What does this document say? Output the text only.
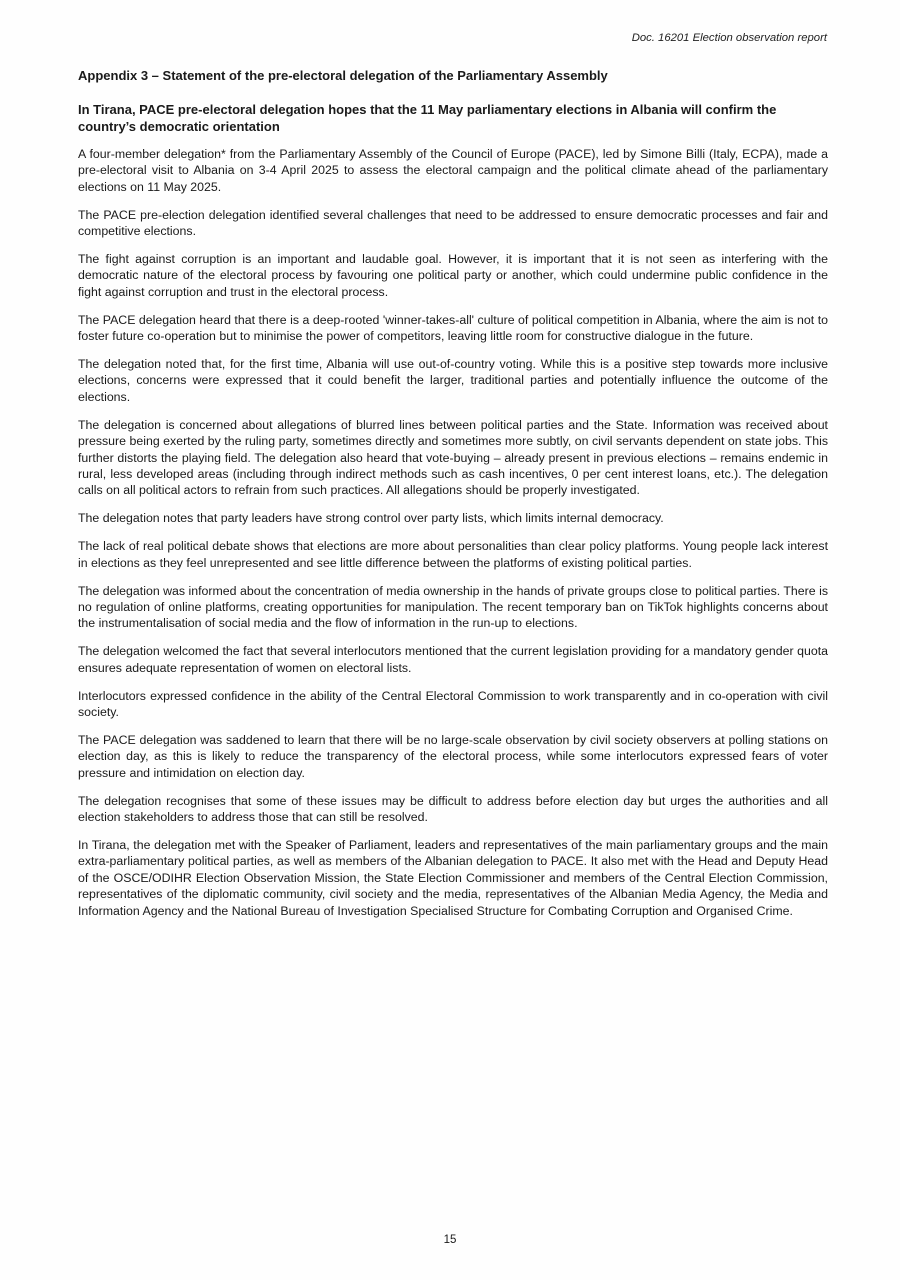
Doc. 16201 Election observation report

Appendix 3 – Statement of the pre-electoral delegation of the Parliamentary Assembly

In Tirana, PACE pre-electoral delegation hopes that the 11 May parliamentary elections in Albania will confirm the country’s democratic orientation

A four-member delegation* from the Parliamentary Assembly of the Council of Europe (PACE), led by Simone Billi (Italy, ECPA), made a pre-electoral visit to Albania on 3-4 April 2025 to assess the electoral campaign and the political climate ahead of the parliamentary elections on 11 May 2025.

The PACE pre-election delegation identified several challenges that need to be addressed to ensure democratic processes and fair and competitive elections.

The fight against corruption is an important and laudable goal. However, it is important that it is not seen as interfering with the democratic nature of the electoral process by favouring one political party or another, which could undermine public confidence in the fight against corruption and trust in the electoral process.

The PACE delegation heard that there is a deep-rooted 'winner-takes-all' culture of political competition in Albania, where the aim is not to foster future co-operation but to minimise the power of competitors, leaving little room for constructive dialogue in the future.

The delegation noted that, for the first time, Albania will use out-of-country voting. While this is a positive step towards more inclusive elections, concerns were expressed that it could benefit the larger, traditional parties and potentially influence the outcome of the elections.

The delegation is concerned about allegations of blurred lines between political parties and the State. Information was received about pressure being exerted by the ruling party, sometimes directly and sometimes more subtly, on civil servants dependent on state jobs. This further distorts the playing field. The delegation also heard that vote-buying – already present in previous elections – remains endemic in rural, less developed areas (including through indirect methods such as cash incentives, 0 per cent interest loans, etc.). The delegation calls on all political actors to refrain from such practices. All allegations should be properly investigated.

The delegation notes that party leaders have strong control over party lists, which limits internal democracy.

The lack of real political debate shows that elections are more about personalities than clear policy platforms. Young people lack interest in elections as they feel unrepresented and see little difference between the platforms of existing political parties.

The delegation was informed about the concentration of media ownership in the hands of private groups close to political parties. There is no regulation of online platforms, creating opportunities for manipulation. The recent temporary ban on TikTok highlights concerns about the instrumentalisation of social media and the flow of information in the run-up to elections.

The delegation welcomed the fact that several interlocutors mentioned that the current legislation providing for a mandatory gender quota ensures adequate representation of women on electoral lists.

Interlocutors expressed confidence in the ability of the Central Electoral Commission to work transparently and in co-operation with civil society.

The PACE delegation was saddened to learn that there will be no large-scale observation by civil society observers at polling stations on election day, as this is likely to reduce the transparency of the electoral process, while some interlocutors expressed fears of voter pressure and intimidation on election day.

The delegation recognises that some of these issues may be difficult to address before election day but urges the authorities and all election stakeholders to address those that can still be resolved.

In Tirana, the delegation met with the Speaker of Parliament, leaders and representatives of the main parliamentary groups and the main extra-parliamentary political parties, as well as members of the Albanian delegation to PACE. It also met with the Head and Deputy Head of the OSCE/ODIHR Election Observation Mission, the State Election Commissioner and members of the Central Election Commission, representatives of the diplomatic community, civil society and the media, representatives of the Albanian Media Agency, the Media and Information Agency and the National Bureau of Investigation Specialised Structure for Combating Corruption and Organised Crime.

15
